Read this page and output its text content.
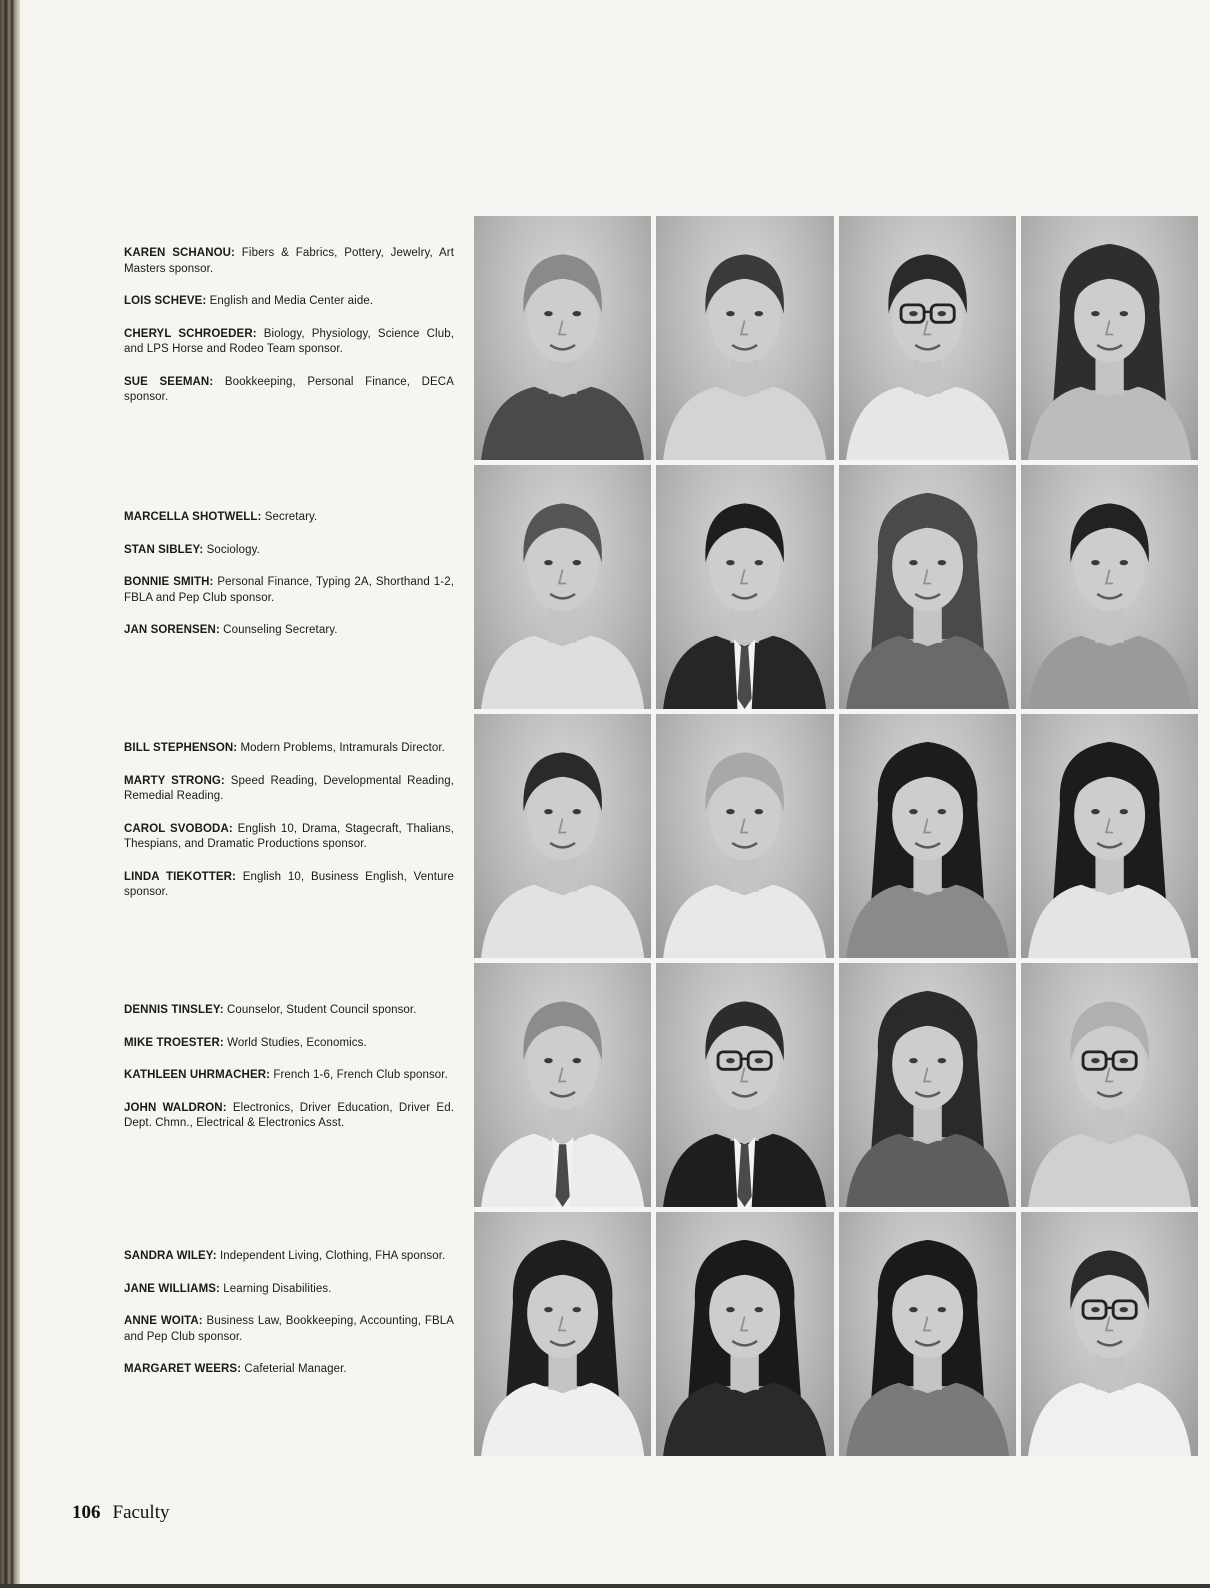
KAREN SCHANOU: Fibers & Fabrics, Pottery, Jewelry, Art Masters sponsor.

LOIS SCHEVE: English and Media Center aide.

CHERYL SCHROEDER: Biology, Physiology, Science Club, and LPS Horse and Rodeo Team sponsor.

SUE SEEMAN: Bookkeeping, Personal Finance, DECA sponsor.

MARCELLA SHOTWELL: Secretary.

STAN SIBLEY: Sociology.

BONNIE SMITH: Personal Finance, Typing 2A, Shorthand 1-2, FBLA and Pep Club sponsor.

JAN SORENSEN: Counseling Secretary.

BILL STEPHENSON: Modern Problems, Intramurals Director.

MARTY STRONG: Speed Reading, Developmental Reading, Remedial Reading.

CAROL SVOBODA: English 10, Drama, Stagecraft, Thalians, Thespians, and Dramatic Productions sponsor.

LINDA TIEKOTTER: English 10, Business English, Venture sponsor.

DENNIS TINSLEY: Counselor, Student Council sponsor.

MIKE TROESTER: World Studies, Economics.

KATHLEEN UHRMACHER: French 1-6, French Club sponsor.

JOHN WALDRON: Electronics, Driver Education, Driver Ed. Dept. Chmn., Electrical & Electronics Asst.

SANDRA WILEY: Independent Living, Clothing, FHA sponsor.

JANE WILLIAMS: Learning Disabilities.

ANNE WOITA: Business Law, Bookkeeping, Accounting, FBLA and Pep Club sponsor.

MARGARET WEERS: Cafeterial Manager.

106 Faculty
